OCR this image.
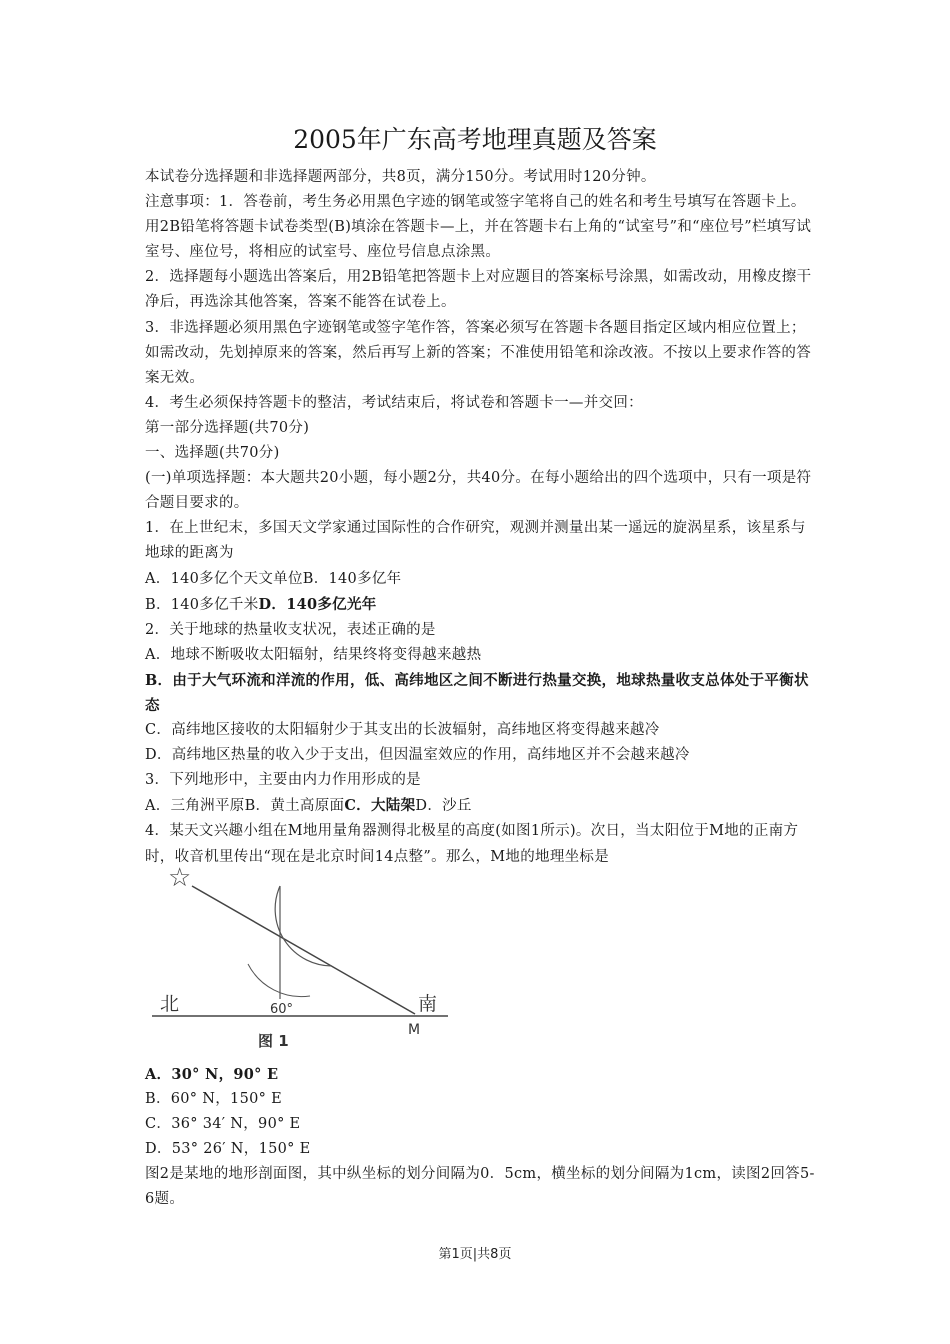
2005年广东高考地理真题及答案

本试卷分选择题和非选择题两部分，共8页，满分150分。考试用时120分钟。

注意事项：1．答卷前，考生务必用黑色字迹的钢笔或签字笔将自己的姓名和考生号填写在答题卡上。用2B铅笔将答题卡试卷类型(B)填涂在答题卡—上，并在答题卡右上角的“试室号”和“座位号”栏填写试室号、座位号，将相应的试室号、座位号信息点涂黑。

2．选择题每小题选出答案后，用2B铅笔把答题卡上对应题目的答案标号涂黑，如需改动，用橡皮擦干净后，再选涂其他答案，答案不能答在试卷上。

3．非选择题必须用黑色字迹钢笔或签字笔作答，答案必须写在答题卡各题目指定区域内相应位置上；如需改动，先划掉原来的答案，然后再写上新的答案；不准使用铅笔和涂改液。不按以上要求作答的答案无效。

4．考生必须保持答题卡的整洁，考试结束后，将试卷和答题卡一—并交回：

第一部分选择题(共70分)

一、选择题(共70分)

(一)单项选择题：本大题共20小题，每小题2分，共40分。在每小题给出的四个选项中，只有一项是符合题目要求的。

1．在上世纪末，多国天文学家通过国际性的合作研究，观测并测量出某一遥远的旋涡星系，该星系与地球的距离为

A．140多亿个天文单位B．140多亿年

B．140多亿千米D．140多亿光年

2．关于地球的热量收支状况，表述正确的是

A．地球不断吸收太阳辐射，结果终将变得越来越热

B．由于大气环流和洋流的作用，低、高纬地区之间不断进行热量交换，地球热量收支总体处于平衡状态

C．高纬地区接收的太阳辐射少于其支出的长波辐射，高纬地区将变得越来越冷

D．高纬地区热量的收入少于支出，但因温室效应的作用，高纬地区并不会越来越冷

3．下列地形中，主要由内力作用形成的是

A．三角洲平原B．黄土高原面C．大陆架D．沙丘

4．某天文兴趣小组在M地用量角器测得北极星的高度(如图1所示)。次日，当太阳位于M地的正南方时，收音机里传出“现在是北京时间14点整”。那么，M地的地理坐标是

☆
北	南
60°
M
图 1

A．30° N，90° E

B．60° N，150° E

C．36° 34′ N，90° E

D．53° 26′ N，150° E

图2是某地的地形剖面图，其中纵坐标的划分间隔为0．5cm，横坐标的划分间隔为1cm，读图2回答5-6题。

第1页|共8页
